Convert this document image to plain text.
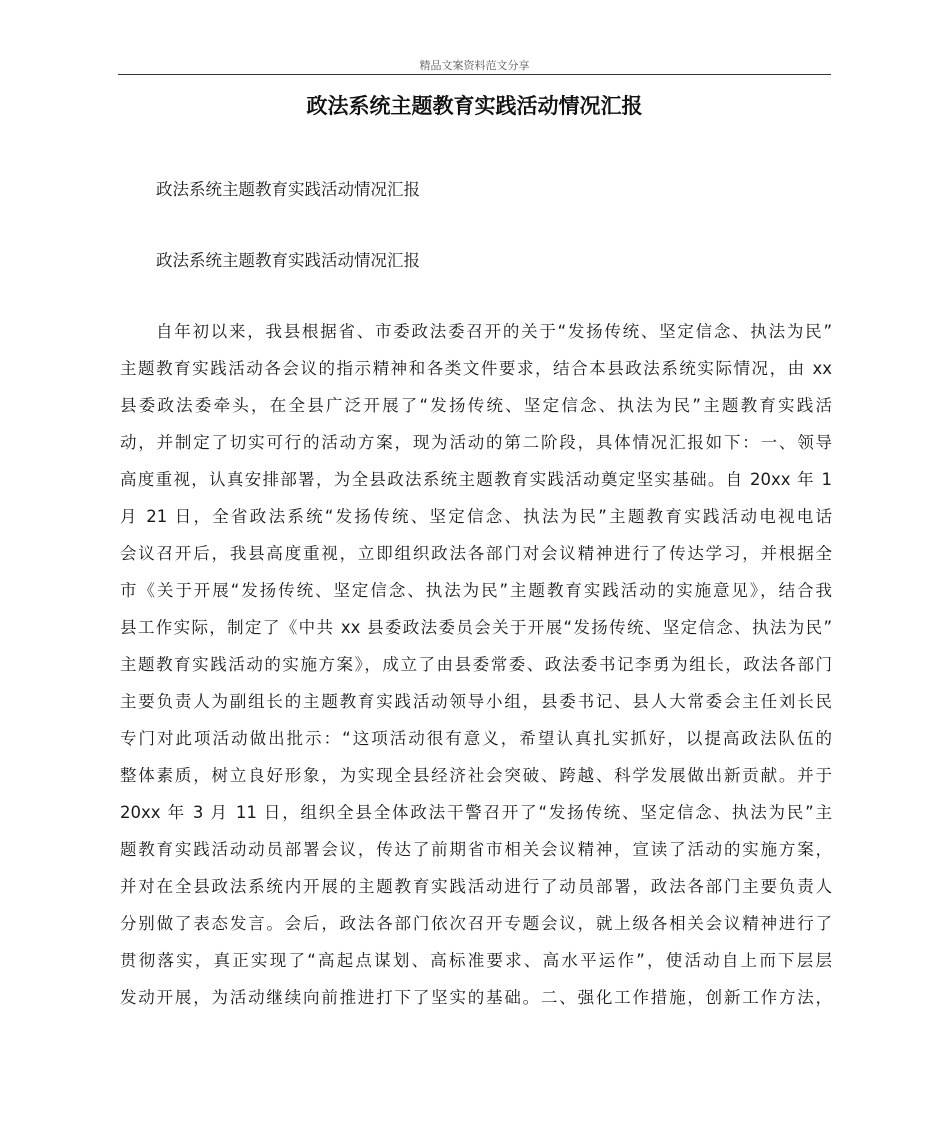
精品文案资料范文分享
政法系统主题教育实践活动情况汇报
政法系统主题教育实践活动情况汇报
政法系统主题教育实践活动情况汇报
自年初以来，我县根据省、市委政法委召开的关于“发扬传统、坚定信念、执法为民”
主题教育实践活动各会议的指示精神和各类文件要求，结合本县政法系统实际情况，由 xx
县委政法委牵头，在全县广泛开展了“发扬传统、坚定信念、执法为民”主题教育实践活
动，并制定了切实可行的活动方案，现为活动的第二阶段，具体情况汇报如下：一、领导
高度重视，认真安排部署，为全县政法系统主题教育实践活动奠定坚实基础。自 20xx 年 1
月 21 日，全省政法系统“发扬传统、坚定信念、执法为民”主题教育实践活动电视电话
会议召开后，我县高度重视，立即组织政法各部门对会议精神进行了传达学习，并根据全
市《关于开展“发扬传统、坚定信念、执法为民”主题教育实践活动的实施意见》，结合我
县工作实际，制定了《中共 xx 县委政法委员会关于开展“发扬传统、坚定信念、执法为民”
主题教育实践活动的实施方案》，成立了由县委常委、政法委书记李勇为组长，政法各部门
主要负责人为副组长的主题教育实践活动领导小组，县委书记、县人大常委会主任刘长民
专门对此项活动做出批示：“这项活动很有意义，希望认真扎实抓好，以提高政法队伍的
整体素质，树立良好形象，为实现全县经济社会突破、跨越、科学发展做出新贡献。并于
20xx 年 3 月 11 日，组织全县全体政法干警召开了“发扬传统、坚定信念、执法为民”主
题教育实践活动动员部署会议，传达了前期省市相关会议精神，宣读了活动的实施方案，
并对在全县政法系统内开展的主题教育实践活动进行了动员部署，政法各部门主要负责人
分别做了表态发言。会后，政法各部门依次召开专题会议，就上级各相关会议精神进行了
贯彻落实，真正实现了“高起点谋划、高标准要求、高水平运作”，使活动自上而下层层
发动开展，为活动继续向前推进打下了坚实的基础。二、强化工作措施，创新工作方法，
